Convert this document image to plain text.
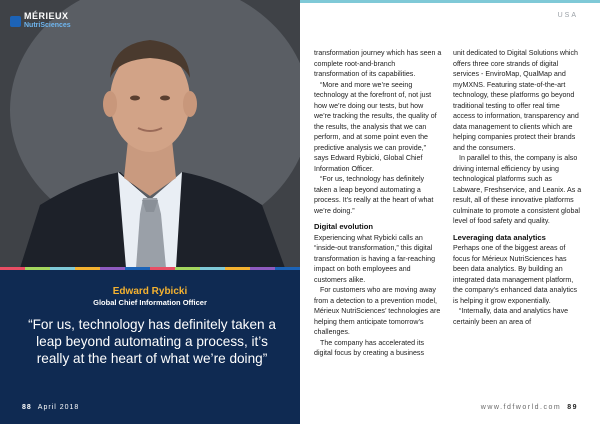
MÉRIEUX
NutriSciences
Edward Rybicki
Global Chief Information Officer
“For us, technology has definitely taken a leap beyond automating a process, it’s really at the heart of what we’re doing”
88 April 2018
USA

transformation journey which has seen a complete root-and-branch transformation of its capabilities.

“More and more we’re seeing technology at the forefront of, not just how we’re doing our tests, but how we’re tracking the results, the quality of the results, the analysis that we can perform, and at some point even the predictive analysis we can provide,” says Edward Rybicki, Global Chief Information Officer.

“For us, technology has definitely taken a leap beyond automating a process. It’s really at the heart of what we’re doing.”

Digital evolution

Experiencing what Rybicki calls an “inside-out transformation,” this digital transformation is having a far-reaching impact on both employees and customers alike.

For customers who are moving away from a detection to a prevention model, Mérieux NutriSciences’ technologies are helping them anticipate tomorrow’s challenges.

The company has accelerated its digital focus by creating a business

unit dedicated to Digital Solutions which offers three core strands of digital services - EnviroMap, QualMap and myMXNS. Featuring state-of-the-art technology, these platforms go beyond traditional testing to offer real time access to information, transparency and data management to clients which are helping companies protect their brands and the consumers.

In parallel to this, the company is also driving internal efficiency by using technological platforms such as Labware, Freshservice, and Leanix. As a result, all of these innovative platforms culminate to promote a consistent global level of food safety and quality.

Leveraging data analytics

Perhaps one of the biggest areas of focus for Mérieux NutriSciences has been data analytics. By building an integrated data management platform, the company’s enhanced data analytics is helping it grow exponentially.

“Internally, data and analytics have certainly been an area of

www.fdfworld.com 89
